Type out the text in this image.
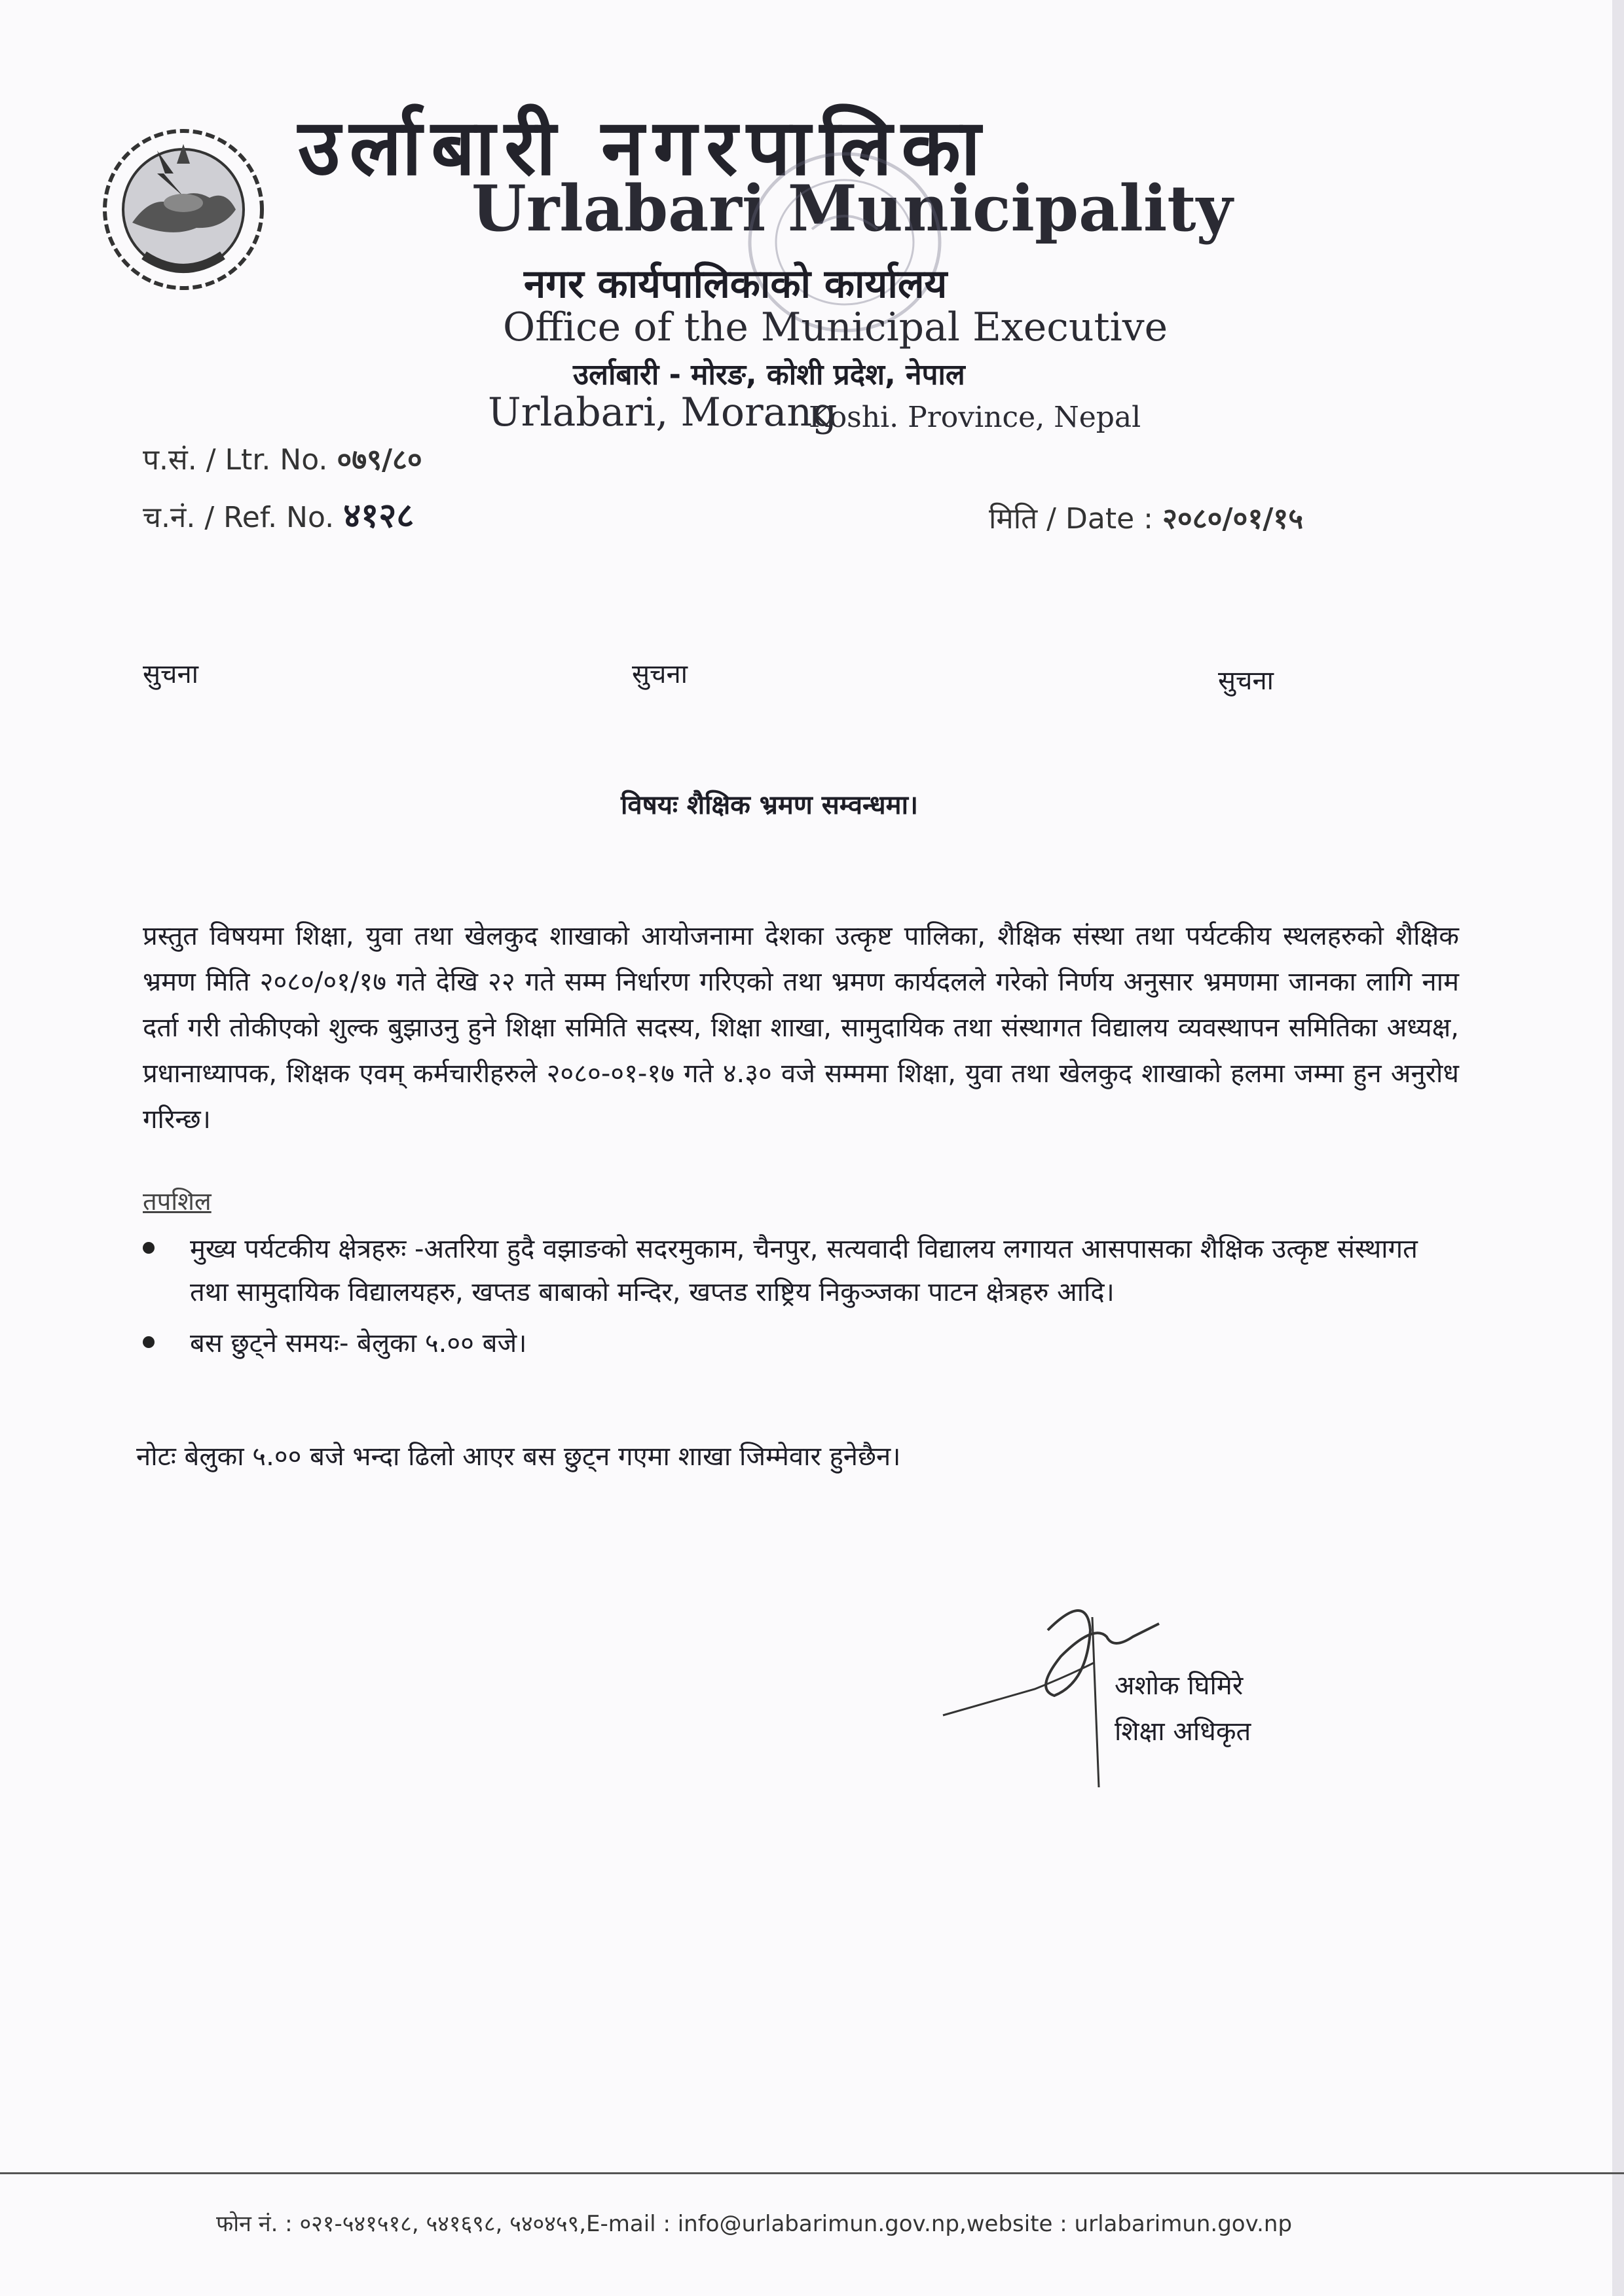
उर्लाबारी नगरपालिका
Urlabari Municipality
नगर कार्यपालिकाको कार्यालय
Office of the Municipal Executive
उर्लाबारी - मोरङ, कोशी प्रदेश, नेपाल
Urlabari, Morang
Koshi. Province, Nepal
प.सं. / Ltr. No. ०७९/८०
च.नं. / Ref. No. ४१२८	मिति / Date : २०८०/०१/१५
सुचना	सुचना	सुचना
विषयः शैक्षिक भ्रमण सम्वन्धमा।
प्रस्तुत विषयमा शिक्षा, युवा तथा खेलकुद शाखाको आयोजनामा देशका उत्कृष्ट पालिका, शैक्षिक संस्था तथा पर्यटकीय स्थलहरुको शैक्षिक भ्रमण मिति २०८०/०१/१७ गते देखि २२ गते सम्म निर्धारण गरिएको तथा भ्रमण कार्यदलले गरेको निर्णय अनुसार भ्रमणमा जानका लागि नाम दर्ता गरी तोकीएको शुल्क बुझाउनु हुने शिक्षा समिति सदस्य, शिक्षा शाखा, सामुदायिक तथा संस्थागत विद्यालय व्यवस्थापन समितिका अध्यक्ष, प्रधानाध्यापक, शिक्षक एवम् कर्मचारीहरुले २०८०-०१-१७ गते ४.३० वजे सम्ममा शिक्षा, युवा तथा खेलकुद शाखाको हलमा जम्मा हुन अनुरोध गरिन्छ।
तपशिल
मुख्य पर्यटकीय क्षेत्रहरुः -अतरिया हुदै वझाङको सदरमुकाम, चैनपुर, सत्यवादी विद्यालय लगायत आसपासका शैक्षिक उत्कृष्ट संस्थागत तथा सामुदायिक विद्यालयहरु, खप्तड बाबाको मन्दिर, खप्तड राष्ट्रिय निकुञ्जका पाटन क्षेत्रहरु आदि।
बस छुट्ने समयः- बेलुका ५.०० बजे।
नोटः बेलुका ५.०० बजे भन्दा ढिलो आएर बस छुट्न गएमा शाखा जिम्मेवार हुनेछैन।
अशोक घिमिरे
शिक्षा अधिकृत
फोन नं. : ०२१-५४१५१८, ५४१६९८, ५४०४५९,E-mail : info@urlabarimun.gov.np,website : urlabarimun.gov.np
